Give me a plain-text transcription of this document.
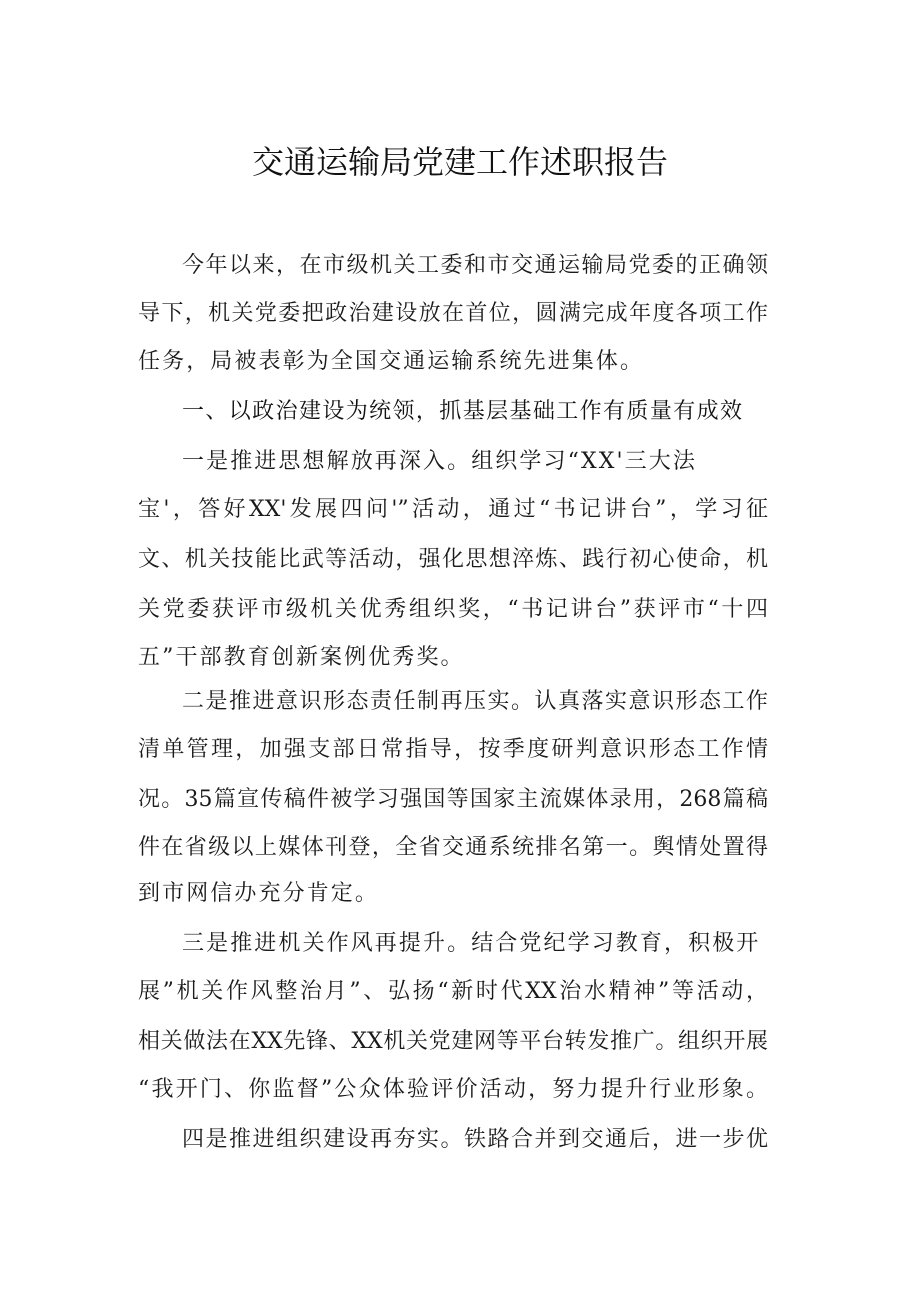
交通运输局党建工作述职报告
今年以来，在市级机关工委和市交通运输局党委的正确领
导下，机关党委把政治建设放在首位，圆满完成年度各项工作
任务，局被表彰为全国交通运输系统先进集体。
一、以政治建设为统领，抓基层基础工作有质量有成效
一是推进思想解放再深入。组织学习“XX'三大法
宝'，答好XX'发展四问'”活动，通过“书记讲台”，学习征
文、机关技能比武等活动，强化思想淬炼、践行初心使命，机
关党委获评市级机关优秀组织奖，“书记讲台”获评市“十四
五”干部教育创新案例优秀奖。
二是推进意识形态责任制再压实。认真落实意识形态工作
清单管理，加强支部日常指导，按季度研判意识形态工作情
况。35篇宣传稿件被学习强国等国家主流媒体录用，268篇稿
件在省级以上媒体刊登，全省交通系统排名第一。舆情处置得
到市网信办充分肯定。
三是推进机关作风再提升。结合党纪学习教育，积极开
展”机关作风整治月”、弘扬“新时代XX治水精神”等活动，
相关做法在XX先锋、XX机关党建网等平台转发推广。组织开展
“我开门、你监督”公众体验评价活动，努力提升行业形象。
四是推进组织建设再夯实。铁路合并到交通后，进一步优
